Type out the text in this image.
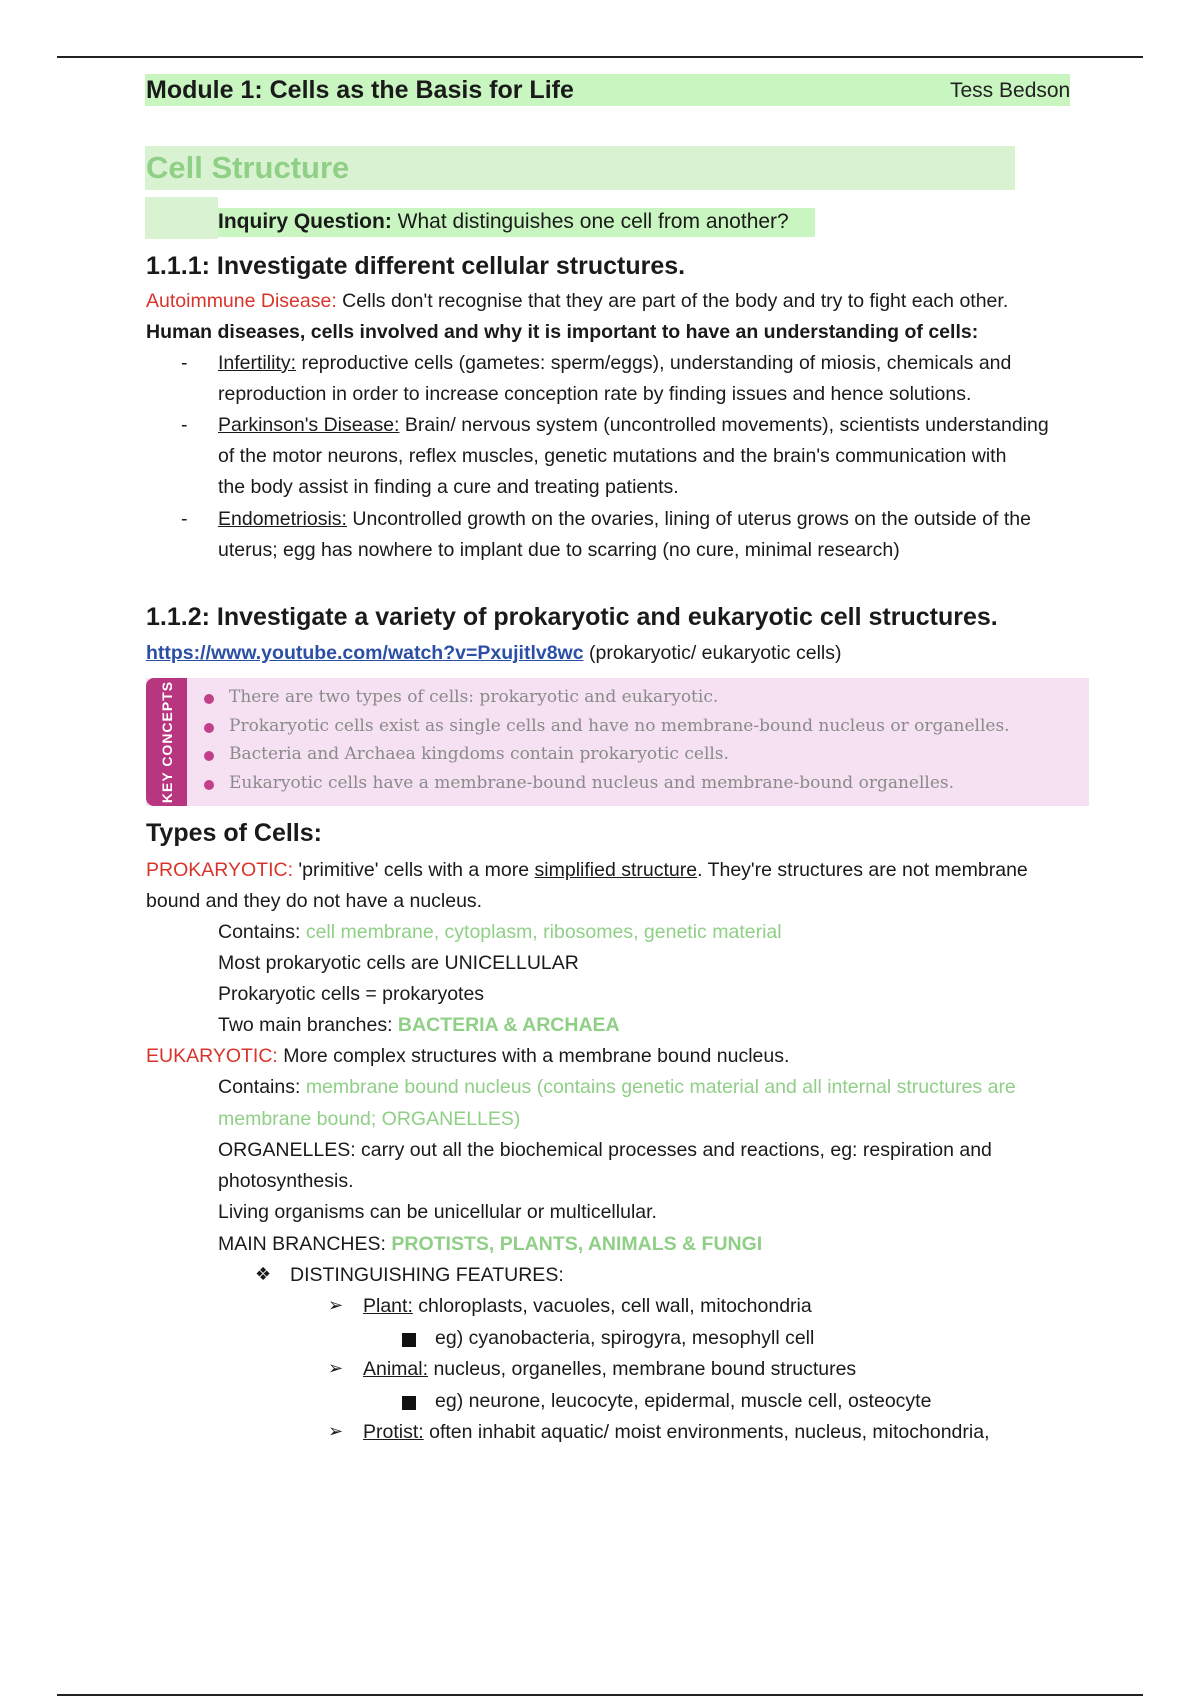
Module 1: Cells as the Basis for Life	Tess Bedson
Cell Structure
Inquiry Question: What distinguishes one cell from another?
1.1.1: Investigate different cellular structures.
Autoimmune Disease: Cells don't recognise that they are part of the body and try to fight each other.
Human diseases, cells involved and why it is important to have an understanding of cells:
- Infertility: reproductive cells (gametes: sperm/eggs), understanding of miosis, chemicals and
reproduction in order to increase conception rate by finding issues and hence solutions.
- Parkinson's Disease: Brain/ nervous system (uncontrolled movements), scientists understanding
of the motor neurons, reflex muscles, genetic mutations and the brain's communication with
the body assist in finding a cure and treating patients.
- Endometriosis: Uncontrolled growth on the ovaries, lining of uterus grows on the outside of the
uterus; egg has nowhere to implant due to scarring (no cure, minimal research)
1.1.2: Investigate a variety of prokaryotic and eukaryotic cell structures.
https://www.youtube.com/watch?v=Pxujitlv8wc (prokaryotic/ eukaryotic cells)
KEY CONCEPTS	There are two types of cells: prokaryotic and eukaryotic.
Prokaryotic cells exist as single cells and have no membrane-bound nucleus or organelles.
Bacteria and Archaea kingdoms contain prokaryotic cells.
Eukaryotic cells have a membrane-bound nucleus and membrane-bound organelles.
Types of Cells:
PROKARYOTIC: 'primitive' cells with a more simplified structure. They're structures are not membrane
bound and they do not have a nucleus.
Contains: cell membrane, cytoplasm, ribosomes, genetic material
Most prokaryotic cells are UNICELLULAR
Prokaryotic cells = prokaryotes
Two main branches: BACTERIA & ARCHAEA
EUKARYOTIC: More complex structures with a membrane bound nucleus.
Contains: membrane bound nucleus (contains genetic material and all internal structures are
membrane bound; ORGANELLES)
ORGANELLES: carry out all the biochemical processes and reactions, eg: respiration and
photosynthesis.
Living organisms can be unicellular or multicellular.
MAIN BRANCHES: PROTISTS, PLANTS, ANIMALS & FUNGI
❖ DISTINGUISHING FEATURES:
➢ Plant: chloroplasts, vacuoles, cell wall, mitochondria
eg) cyanobacteria, spirogyra, mesophyll cell
➢ Animal: nucleus, organelles, membrane bound structures
eg) neurone, leucocyte, epidermal, muscle cell, osteocyte
➢ Protist: often inhabit aquatic/ moist environments, nucleus, mitochondria,
